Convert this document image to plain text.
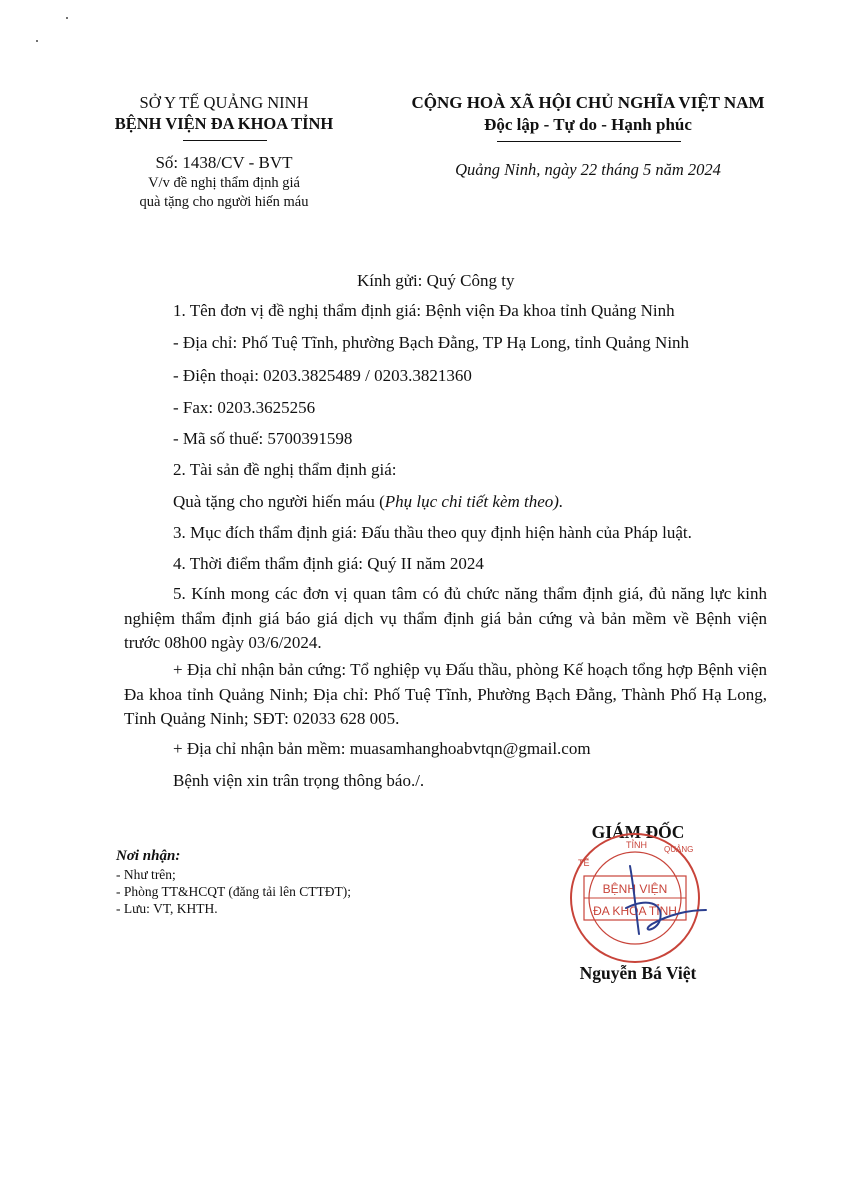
SỞ Y TẾ QUẢNG NINH
BỆNH VIỆN ĐA KHOA TỈNH
Số: 1438/CV - BVT
V/v đề nghị thẩm định giá
quà tặng cho người hiến máu
CỘNG HOÀ XÃ HỘI CHỦ NGHĨA VIỆT NAM
Độc lập - Tự do - Hạnh phúc
Quảng Ninh, ngày 22 tháng 5 năm 2024
Kính gửi: Quý Công ty
1. Tên đơn vị đề nghị thẩm định giá: Bệnh viện Đa khoa tỉnh Quảng Ninh
- Địa chỉ: Phố Tuệ Tĩnh, phường Bạch Đằng, TP Hạ Long, tỉnh Quảng Ninh
- Điện thoại: 0203.3825489 / 0203.3821360
- Fax: 0203.3625256
- Mã số thuế: 5700391598
2. Tài sản đề nghị thẩm định giá:
Quà tặng cho người hiến máu (Phụ lục chi tiết kèm theo).
3. Mục đích thẩm định giá: Đấu thầu theo quy định hiện hành của Pháp luật.
4. Thời điểm thẩm định giá: Quý II năm 2024
5. Kính mong các đơn vị quan tâm có đủ chức năng thẩm định giá, đủ năng lực kinh nghiệm thẩm định giá báo giá dịch vụ thẩm định giá bản cứng và bản mềm về Bệnh viện trước 08h00 ngày 03/6/2024.
+ Địa chỉ nhận bản cứng: Tổ nghiệp vụ Đấu thầu, phòng Kế hoạch tổng hợp Bệnh viện Đa khoa tỉnh Quảng Ninh; Địa chỉ: Phố Tuệ Tĩnh, Phường Bạch Đằng, Thành Phố Hạ Long, Tỉnh Quảng Ninh; SĐT: 02033 628 005.
+ Địa chỉ nhận bản mềm: muasamhanghoabvtqn@gmail.com
Bệnh viện xin trân trọng thông báo./.
Nơi nhận:
- Như trên;
- Phòng TT&HCQT (đăng tải lên CTTĐT);
- Lưu: VT, KHTH.
GIÁM ĐỐC
TỈNH
TẾ
QUẢNG
BỆNH VIỆN
ĐA KHOA TỈNH
Nguyễn Bá Việt
